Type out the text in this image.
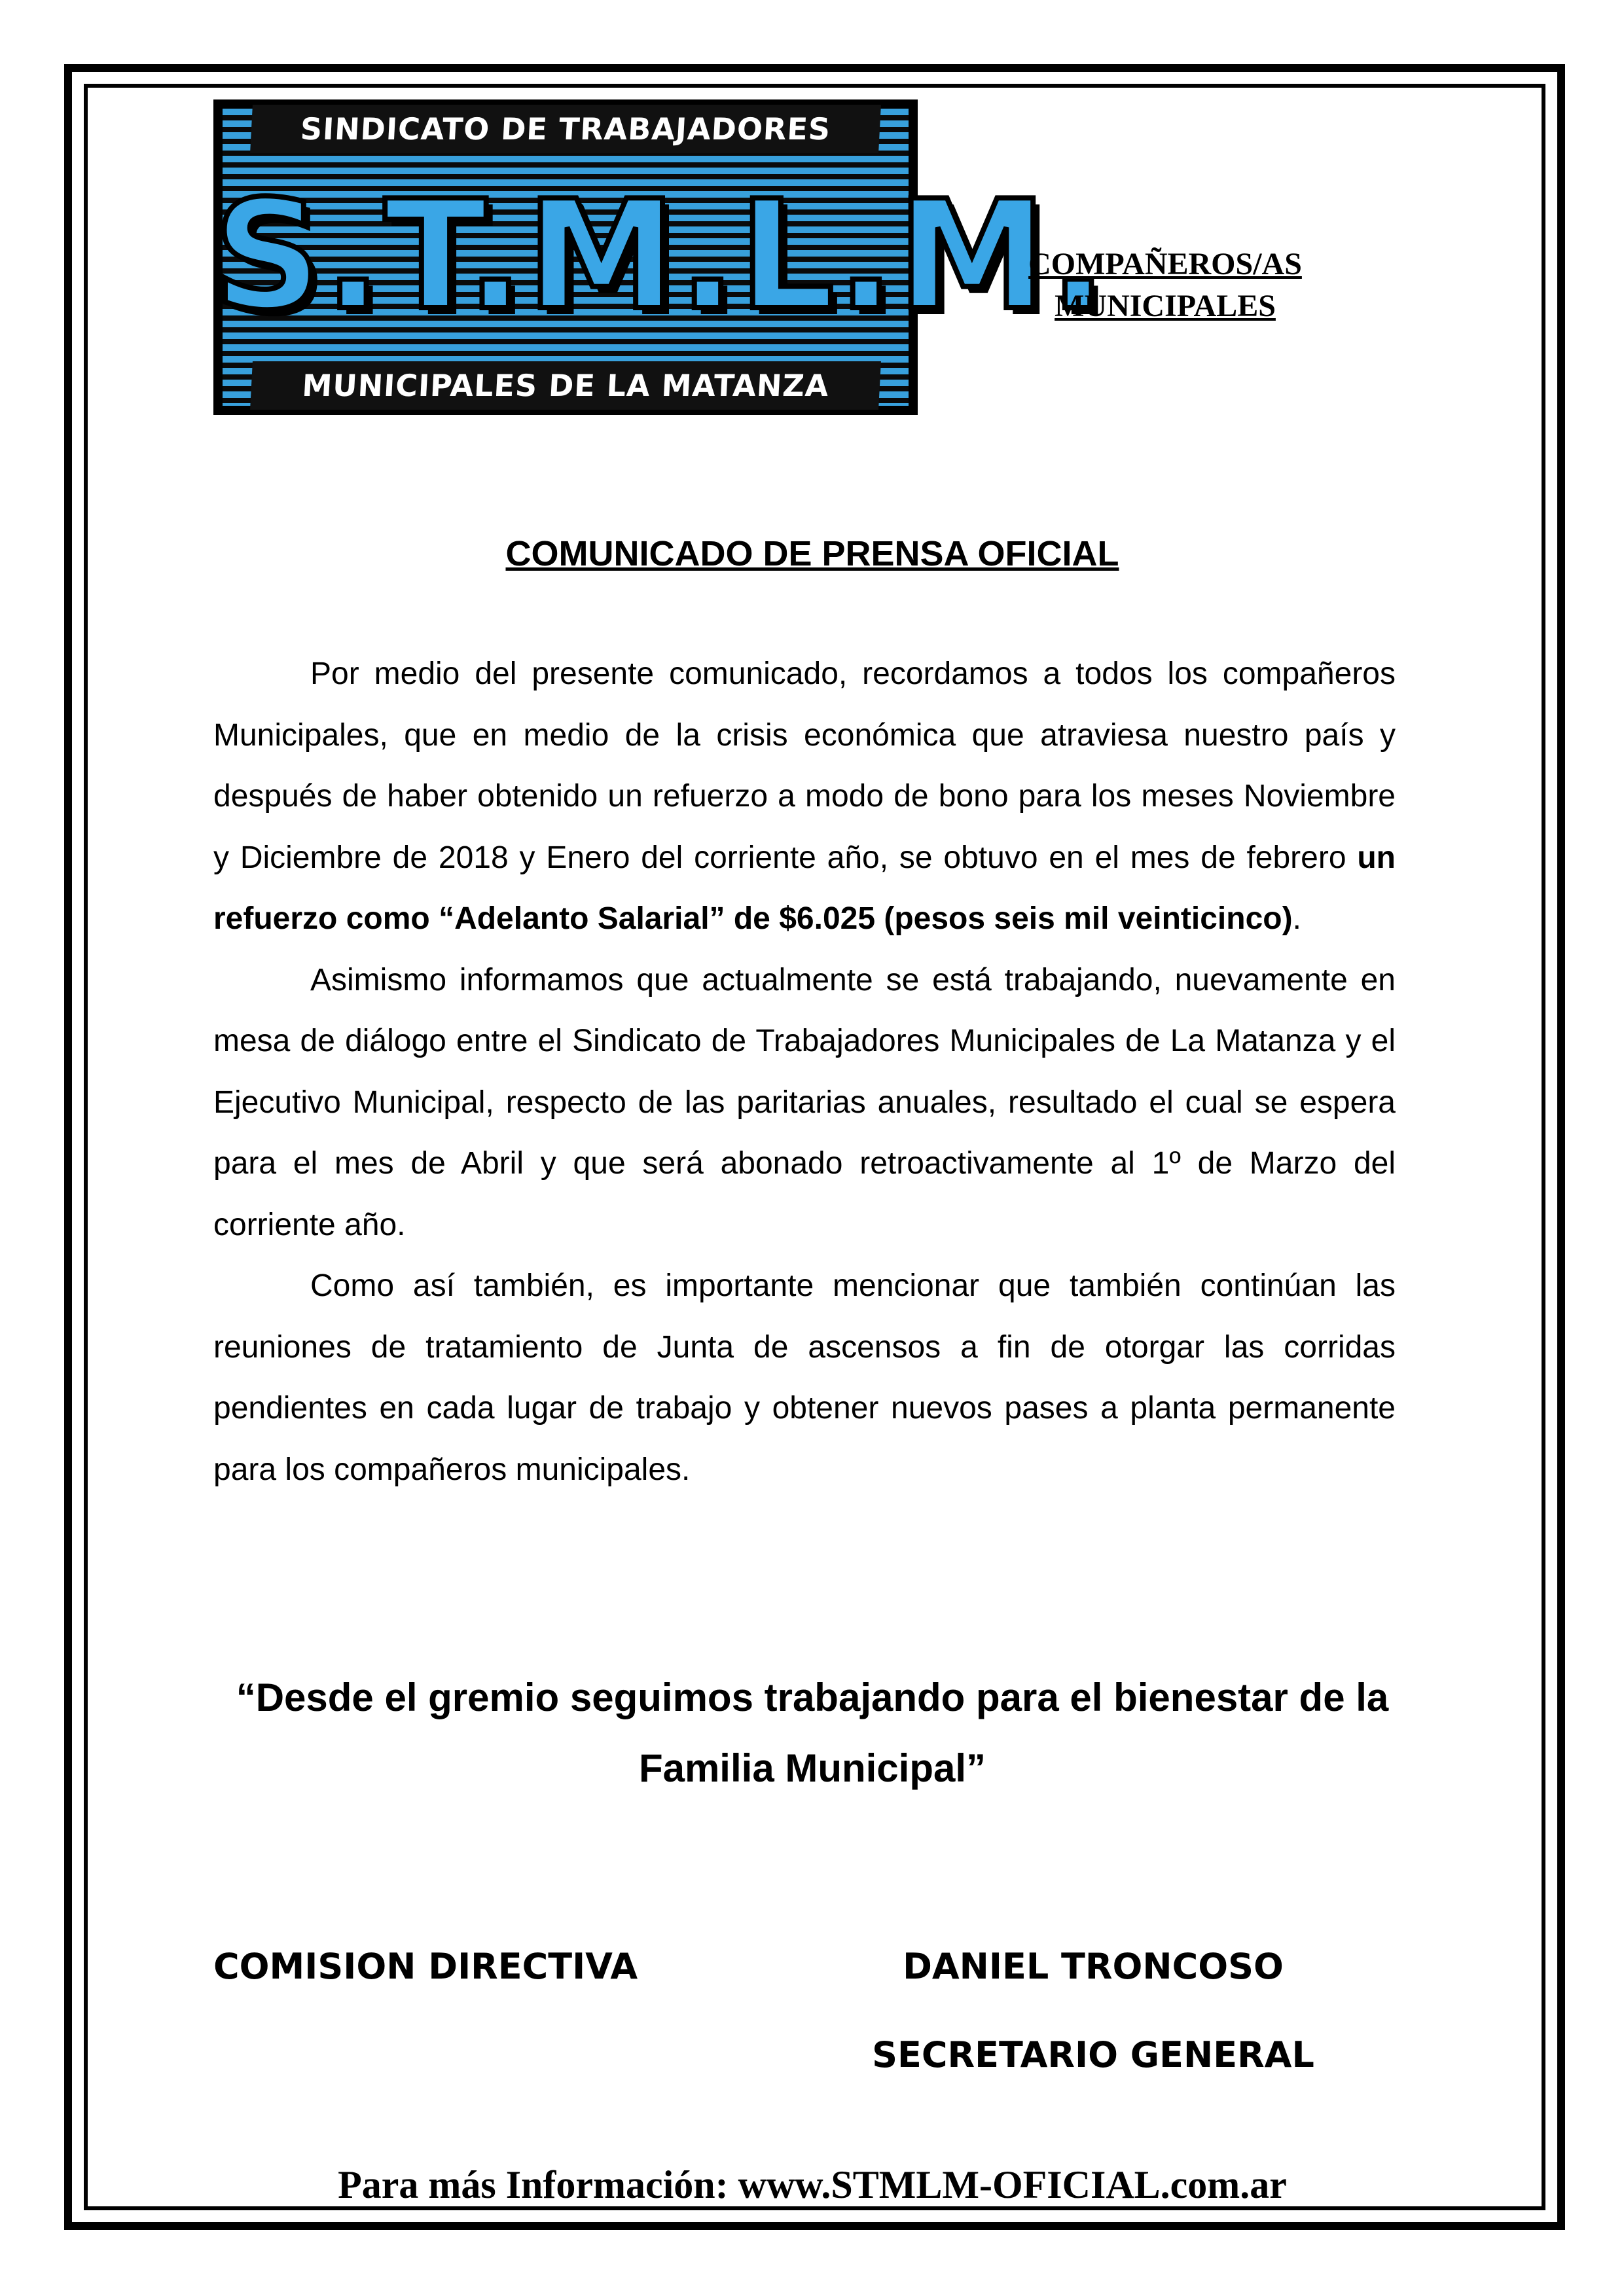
SINDICATO DE TRABAJADORES
S.T.M.L.M.
MUNICIPALES DE LA MATANZA
COMPAÑEROS/AS
MUNICIPALES
COMUNICADO DE PRENSA OFICIAL

Por medio del presente comunicado, recordamos a todos los compañeros Municipales, que en medio de la crisis económica que atraviesa nuestro país y después de haber obtenido un refuerzo a modo de bono para los meses Noviembre y Diciembre de 2018 y Enero del corriente año, se obtuvo en el mes de febrero un refuerzo como “Adelanto Salarial” de $6.025 (pesos seis mil veinticinco).

Asimismo informamos que actualmente se está trabajando, nuevamente en mesa de diálogo entre el Sindicato de Trabajadores Municipales de La Matanza y el Ejecutivo Municipal, respecto de las paritarias anuales, resultado el cual se espera para el mes de Abril y que será abonado retroactivamente al 1º de Marzo del corriente año.

Como así también, es importante mencionar que también continúan las reuniones de tratamiento de Junta de ascensos a fin de otorgar las corridas pendientes en cada lugar de trabajo y obtener nuevos pases a planta permanente para los compañeros municipales.

“Desde el gremio seguimos trabajando para el bienestar de la Familia Municipal”
COMISION DIRECTIVA	DANIEL TRONCOSO
SECRETARIO GENERAL
Para más Información: www.STMLM-OFICIAL.com.ar
